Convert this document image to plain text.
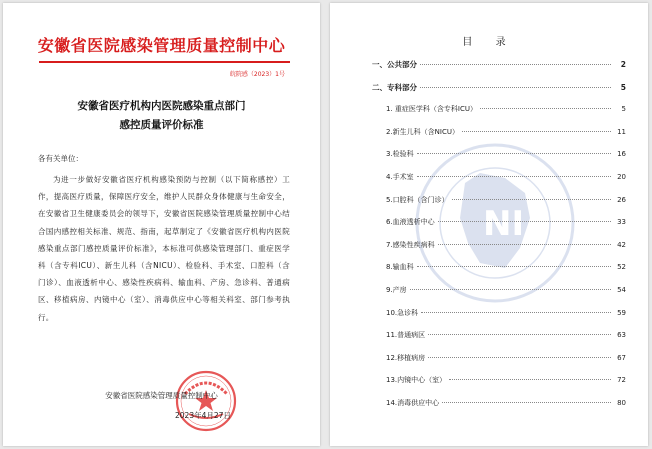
安徽省医院感染管理质量控制中心
皖院感（2023）1号
安徽省医疗机构内医院感染重点部门
感控质量评价标准
各有关单位：
为进一步做好安徽省医疗机构感染预防与控制（以下简称感控）工作，提高医疗质量，保障医疗安全，维护人民群众身体健康与生命安全，在安徽省卫生健康委员会的领导下，安徽省医院感染管理质量控制中心结合国内感控相关标准、规范、指南，起草制定了《安徽省医疗机构内医院感染重点部门感控质量评价标准》，本标准可供感染管理部门、重症医学科（含专科ICU）、新生儿科（含NICU）、检验科、手术室、口腔科（含门诊）、血液透析中心、感染性疾病科、输血科、产房、急诊科、普通病区、移植病房、内镜中心（室）、消毒供应中心等相关科室、部门参考执行。
安徽省医院感染管理质量控制中心
2023年4月27日
NI
目 录
一、公共部分	2
二、专科部分	5
1. 重症医学科（含专科ICU）	5
2.新生儿科（含NICU）	11
3.检验科	16
4.手术室	20
5.口腔科（含门诊）	26
6.血液透析中心	33
7.感染性疾病科	42
8.输血科	52
9.产房	54
10.急诊科	59
11.普通病区	63
12.移植病房	67
13.内镜中心（室）	72
14.消毒供应中心	80
